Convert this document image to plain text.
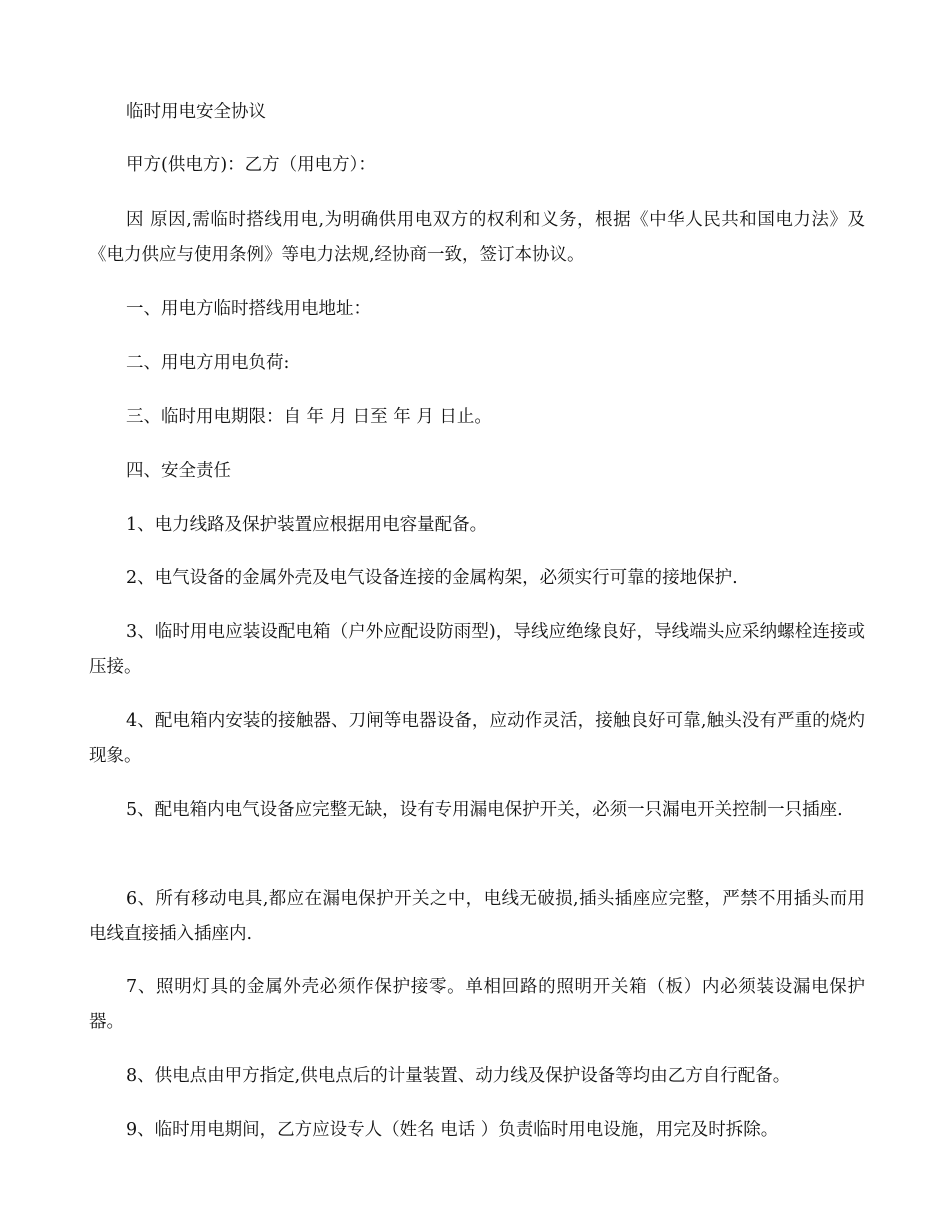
临时用电安全协议

甲方(供电方)：乙方（用电方）：

因 原因,需临时搭线用电,为明确供用电双方的权利和义务，根据《中华人民共和国电力法》及《电力供应与使用条例》等电力法规,经协商一致，签订本协议。

一、用电方临时搭线用电地址：

二、用电方用电负荷:

三、临时用电期限：自 年 月 日至 年 月 日止。

四、安全责任

1、电力线路及保护装置应根据用电容量配备。

2、电气设备的金属外壳及电气设备连接的金属构架，必须实行可靠的接地保护.

3、临时用电应装设配电箱（户外应配设防雨型)，导线应绝缘良好，导线端头应采纳螺栓连接或压接。

4、配电箱内安装的接触器、刀闸等电器设备，应动作灵活，接触良好可靠,触头没有严重的烧灼现象。

5、配电箱内电气设备应完整无缺，设有专用漏电保护开关，必须一只漏电开关控制一只插座.

6、所有移动电具,都应在漏电保护开关之中，电线无破损,插头插座应完整，严禁不用插头而用电线直接插入插座内.

7、照明灯具的金属外壳必须作保护接零。单相回路的照明开关箱（板）内必须装设漏电保护器。

8、供电点由甲方指定,供电点后的计量装置、动力线及保护设备等均由乙方自行配备。

9、临时用电期间，乙方应设专人（姓名 电话 ）负责临时用电设施，用完及时拆除。
